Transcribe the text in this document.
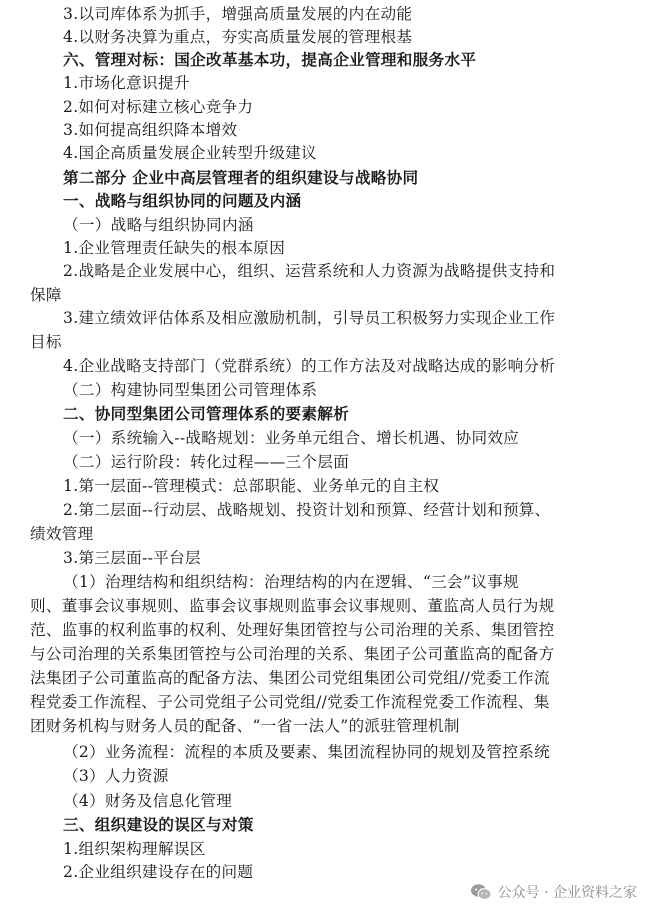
3.以司库体系为抓手，增强高质量发展的内在动能

4.以财务决算为重点，夯实高质量发展的管理根基

六、管理对标：国企改革基本功，提高企业管理和服务水平

1.市场化意识提升

2.如何对标建立核心竞争力

3.如何提高组织降本增效

4.国企高质量发展企业转型升级建议

第二部分 企业中高层管理者的组织建设与战略协同

一、战略与组织协同的问题及内涵

（一）战略与组织协同内涵

1.企业管理责任缺失的根本原因

2.战略是企业发展中心，组织、运营系统和人力资源为战略提供支持和

保障

3.建立绩效评估体系及相应激励机制，引导员工积极努力实现企业工作

目标

4.企业战略支持部门（党群系统）的工作方法及对战略达成的影响分析

（二）构建协同型集团公司管理体系

二、协同型集团公司管理体系的要素解析

（一）系统输入--战略规划：业务单元组合、增长机遇、协同效应

（二）运行阶段：转化过程——三个层面

1.第一层面--管理模式：总部职能、业务单元的自主权

2.第二层面--行动层、战略规划、投资计划和预算、经营计划和预算、

绩效管理

3.第三层面--平台层

（1）治理结构和组织结构：治理结构的内在逻辑、“三会”议事规

则、董事会议事规则、监事会议事规则监事会议事规则、董监高人员行为规

范、监事的权利监事的权利、处理好集团管控与公司治理的关系、集团管控

与公司治理的关系集团管控与公司治理的关系、集团子公司董监高的配备方

法集团子公司董监高的配备方法、集团公司党组集团公司党组//党委工作流

程党委工作流程、子公司党组子公司党组//党委工作流程党委工作流程、集

团财务机构与财务人员的配备、“一省一法人”的派驻管理机制

（2）业务流程：流程的本质及要素、集团流程协同的规划及管控系统

（3）人力资源

（4）财务及信息化管理

三、组织建设的误区与对策

1.组织架构理解误区

2.企业组织建设存在的问题

公众号 · 企业资料之家
